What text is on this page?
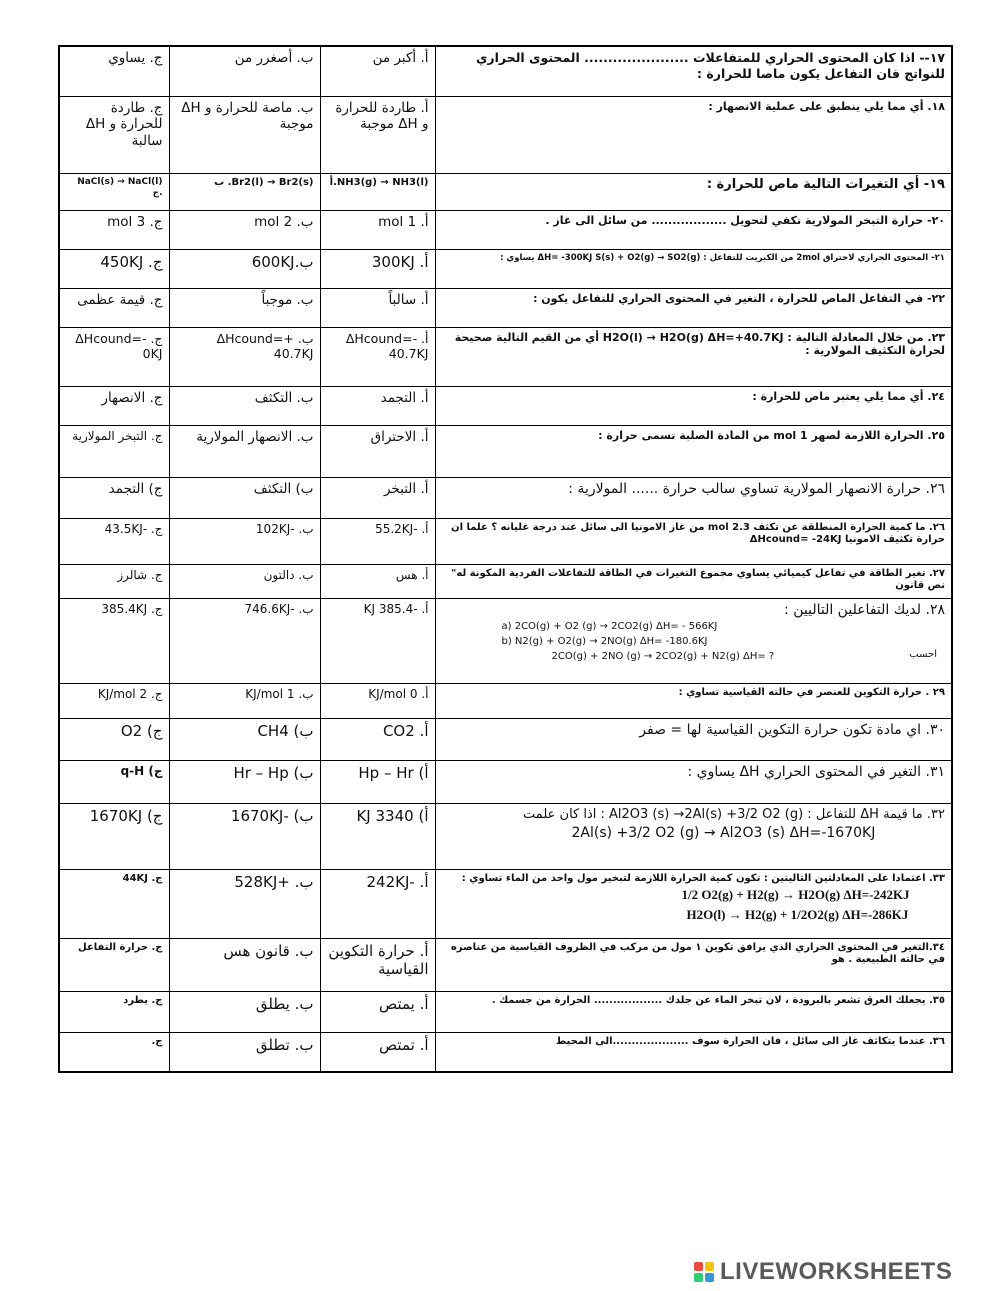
ج. يساوي	ب. أصغرر من	أ. أكبر من	١٧-- اذا كان المحتوى الحراري للمتفاعلات ...................... المحتوى الحراري للنواتج فان التفاعل يكون ماصا للحرارة :
ج. طاردة للحرارة و ΔH سالبة	ب. ماصة للحرارة و ΔH موجبة	أ. طاردة للحرارة و ΔH موجبة	١٨. أي مما يلي ينطبق على عملية الانصهار :
NaCl(s) → NaCl(l) .ج	Br2(l) → Br2(s). ب	NH3(g) → NH3(l).أ	١٩- أي التغيرات التالية ماص للحرارة :
ج. 3 mol	ب. 2 mol	أ. 1 mol	٢٠- حرارة التبخر المولارية تكفي لتحويل .................. من سائل الى غاز .
ج. 450KJ	ب.600KJ	أ. 300KJ	٢١- المحتوى الحراري لاحتراق 2mol من الكبريت للتفاعل : ΔH= -300KJ S(s) + O2(g) → SO2(g) يساوي :
ج. قيمة عظمى	ب. موجباً	أ. سالباً	٢٢- في التفاعل الماص للحرارة ، التغير في المحتوى الحراري للتفاعل يكون :
ج. ΔHcound=- 0KJ	ب. ΔHcound=+ 40.7KJ	أ. ΔHcound=- 40.7KJ	٢٣. من خلال المعادلة التالية : H2O(l) → H2O(g) ΔH=+40.7KJ أي من القيم التالية صحيحة لحرارة التكثيف المولارية :
ج. الانصهار	ب. التكثف	أ. التجمد	٢٤. أي مما يلي يعتبر ماص للحرارة :
ج. التبخر المولارية	ب. الانصهار المولارية	أ. الاحتراق	٢٥. الحرارة اللازمة لصهر 1 mol من المادة الصلبة تسمى حرارة :
ج) التجمد	ب) التكثف	أ. التبخر	٢٦. حرارة الانصهار المولارية تساوي سالب حرارة ...... المولارية :
ج. -43.5KJ	ب. -102KJ	أ. -55.2KJ	٢٦. ما كمية الحرارة المنطلقة عن تكثف 2.3 mol من غاز الامونيا الى سائل عند درجة غليانه ؟ علما ان حرارة تكثيف الامونيا ΔHcound= -24KJ
ج. شالرز	ب. دالتون	أ. هس	٢٧. تغير الطاقة في تفاعل كيميائي يساوي مجموع التغيرات في الطاقة للتفاعلات الفردية المكونة له" نص قانون
ج. 385.4KJ	ب. -746.6KJ	أ. -385.4 KJ	٢٨. لديك التفاعلين التاليين :
a) 2CO(g) + O2 (g) → 2CO2(g) ΔH= - 566KJ
b) N2(g) + O2(g) → 2NO(g) ΔH= -180.6KJ
2CO(g) + 2NO (g) → 2CO2(g) + N2(g) ΔH= ? احسب

ج. 2 KJ/mol	ب. 1 KJ/mol	أ. 0 KJ/mol	٢٩ . حرارة التكوين للعنصر في حالته القياسية تساوي :
ج) O2	ب) CH4	أ. CO2	٣٠. اي مادة تكون حرارة التكوين القياسية لها = صفر
ج) q-H	ب) Hr – Hp	أ) Hp – Hr	٣١. التغير في المحتوى الحراري ΔH يساوي :
ج) 1670KJ	ب) -1670KJ	أ) 3340 KJ	٣٢. ما قيمة ΔH للتفاعل : Al2O3 (s) →2Al(s) +3/2 O2 (g) : اذا كان علمت
2Al(s) +3/2 O2 (g) → Al2O3 (s) ΔH=-1670KJ

ج. 44KJ	ب. +528KJ	أ. -242KJ	٣٣. اعتمادا على المعادلتين التاليتين : تكون كمية الحرارة اللازمة لتبخير مول واحد من الماء تساوي :
1/2 O2(g) + H2(g) → H2O(g) ΔH=-242KJ
H2O(l) → H2(g) + 1/2O2(g) ΔH=-286KJ

ج. حرارة التفاعل	ب. قانون هس	أ. حرارة التكوين القياسية	٣٤.التغير في المحتوى الحراري الذي يرافق تكوين ١ مول من مركب في الظروف القياسية من عناصره في حالته الطبيعية . هو
ج. يطرد	ب. يطلق	أ. يمتص	٣٥. يجعلك العرق تشعر بالبرودة ، لان تبخر الماء عن جلدك .................. الحرارة من جسمك .
ج.	ب. تطلق	أ. تمتص	٣٦. عندما يتكاثف غاز الى سائل ، فان الحرارة سوف ....................الى المحيط
LIVEWORKSHEETS
